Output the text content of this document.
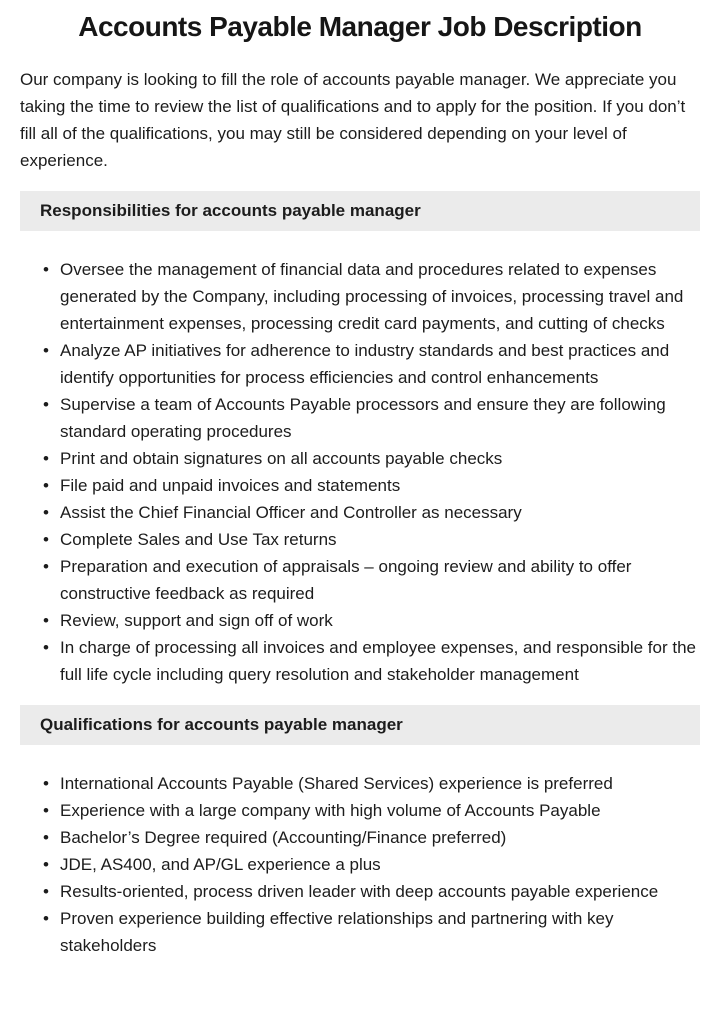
Accounts Payable Manager Job Description

Our company is looking to fill the role of accounts payable manager. We appreciate you taking the time to review the list of qualifications and to apply for the position. If you don’t fill all of the qualifications, you may still be considered depending on your level of experience.

Responsibilities for accounts payable manager
• Oversee the management of financial data and procedures related to expenses generated by the Company, including processing of invoices, processing travel and entertainment expenses, processing credit card payments, and cutting of checks
• Analyze AP initiatives for adherence to industry standards and best practices and identify opportunities for process efficiencies and control enhancements
• Supervise a team of Accounts Payable processors and ensure they are following standard operating procedures
• Print and obtain signatures on all accounts payable checks
• File paid and unpaid invoices and statements
• Assist the Chief Financial Officer and Controller as necessary
• Complete Sales and Use Tax returns
• Preparation and execution of appraisals – ongoing review and ability to offer constructive feedback as required
• Review, support and sign off of work
• In charge of processing all invoices and employee expenses, and responsible for the full life cycle including query resolution and stakeholder management
Qualifications for accounts payable manager
• International Accounts Payable (Shared Services) experience is preferred
• Experience with a large company with high volume of Accounts Payable
• Bachelor’s Degree required (Accounting/Finance preferred)
• JDE, AS400, and AP/GL experience a plus
• Results-oriented, process driven leader with deep accounts payable experience
• Proven experience building effective relationships and partnering with key stakeholders
